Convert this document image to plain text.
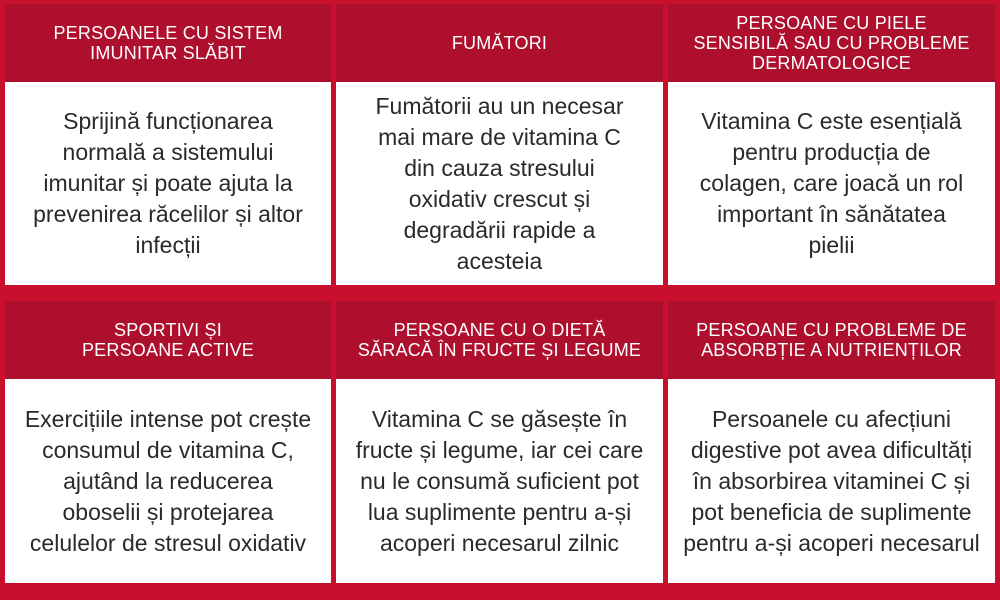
PERSOANELE CU SISTEM
IMUNITAR SLĂBIT
Sprijină funcționarea normală a sistemului imunitar și poate ajuta la prevenirea răcelilor și altor infecții
FUMĂTORI
Fumătorii au un necesar mai mare de vitamina C din cauza stresului oxidativ crescut și degradării rapide a acesteia
PERSOANE CU PIELE
SENSIBILĂ SAU CU PROBLEME
DERMATOLOGICE
Vitamina C este esențială pentru producția de colagen, care joacă un rol important în sănătatea pielii
SPORTIVI ȘI
PERSOANE ACTIVE
Exercițiile intense pot crește consumul de vitamina C, ajutând la reducerea oboselii și protejarea celulelor de stresul oxidativ
PERSOANE CU O DIETĂ
SĂRACĂ ÎN FRUCTE ȘI LEGUME
Vitamina C se găsește în fructe și legume, iar cei care nu le consumă suficient pot lua suplimente pentru a-și acoperi necesarul zilnic
PERSOANE CU PROBLEME DE
ABSORBȚIE A NUTRIENȚILOR
Persoanele cu afecțiuni digestive pot avea dificultăți în absorbirea vitaminei C și pot beneficia de suplimente pentru a-și acoperi necesarul
